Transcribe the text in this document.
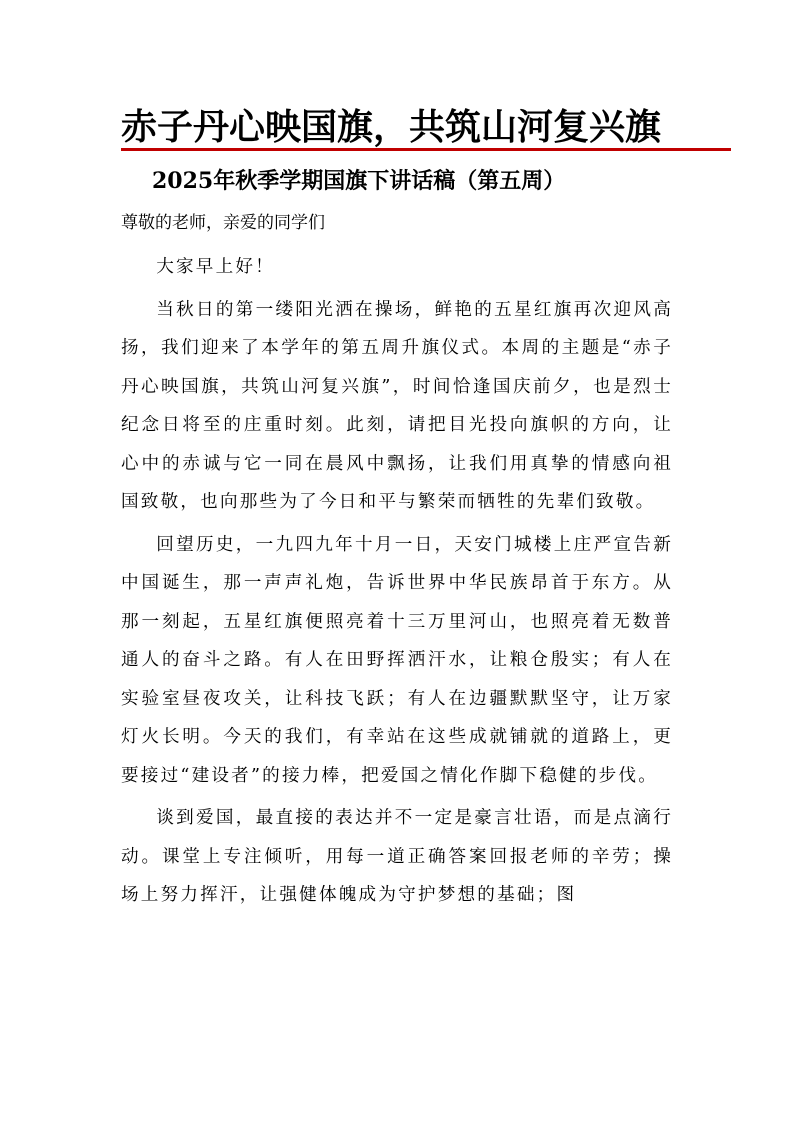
赤子丹心映国旗，共筑山河复兴旗
2025年秋季学期国旗下讲话稿（第五周）
尊敬的老师，亲爱的同学们

大家早上好！

当秋日的第一缕阳光洒在操场，鲜艳的五星红旗再次迎风高扬，我们迎来了本学年的第五周升旗仪式。本周的主题是“赤子丹心映国旗，共筑山河复兴旗”，时间恰逢国庆前夕，也是烈士纪念日将至的庄重时刻。此刻，请把目光投向旗帜的方向，让心中的赤诚与它一同在晨风中飘扬，让我们用真挚的情感向祖国致敬，也向那些为了今日和平与繁荣而牺牲的先辈们致敬。

回望历史，一九四九年十月一日，天安门城楼上庄严宣告新中国诞生，那一声声礼炮，告诉世界中华民族昂首于东方。从那一刻起，五星红旗便照亮着十三万里河山，也照亮着无数普通人的奋斗之路。有人在田野挥洒汗水，让粮仓殷实；有人在实验室昼夜攻关，让科技飞跃；有人在边疆默默坚守，让万家灯火长明。今天的我们，有幸站在这些成就铺就的道路上，更要接过“建设者”的接力棒，把爱国之情化作脚下稳健的步伐。

谈到爱国，最直接的表达并不一定是豪言壮语，而是点滴行动。课堂上专注倾听，用每一道正确答案回报老师的辛劳；操场上努力挥汗，让强健体魄成为守护梦想的基础；图
